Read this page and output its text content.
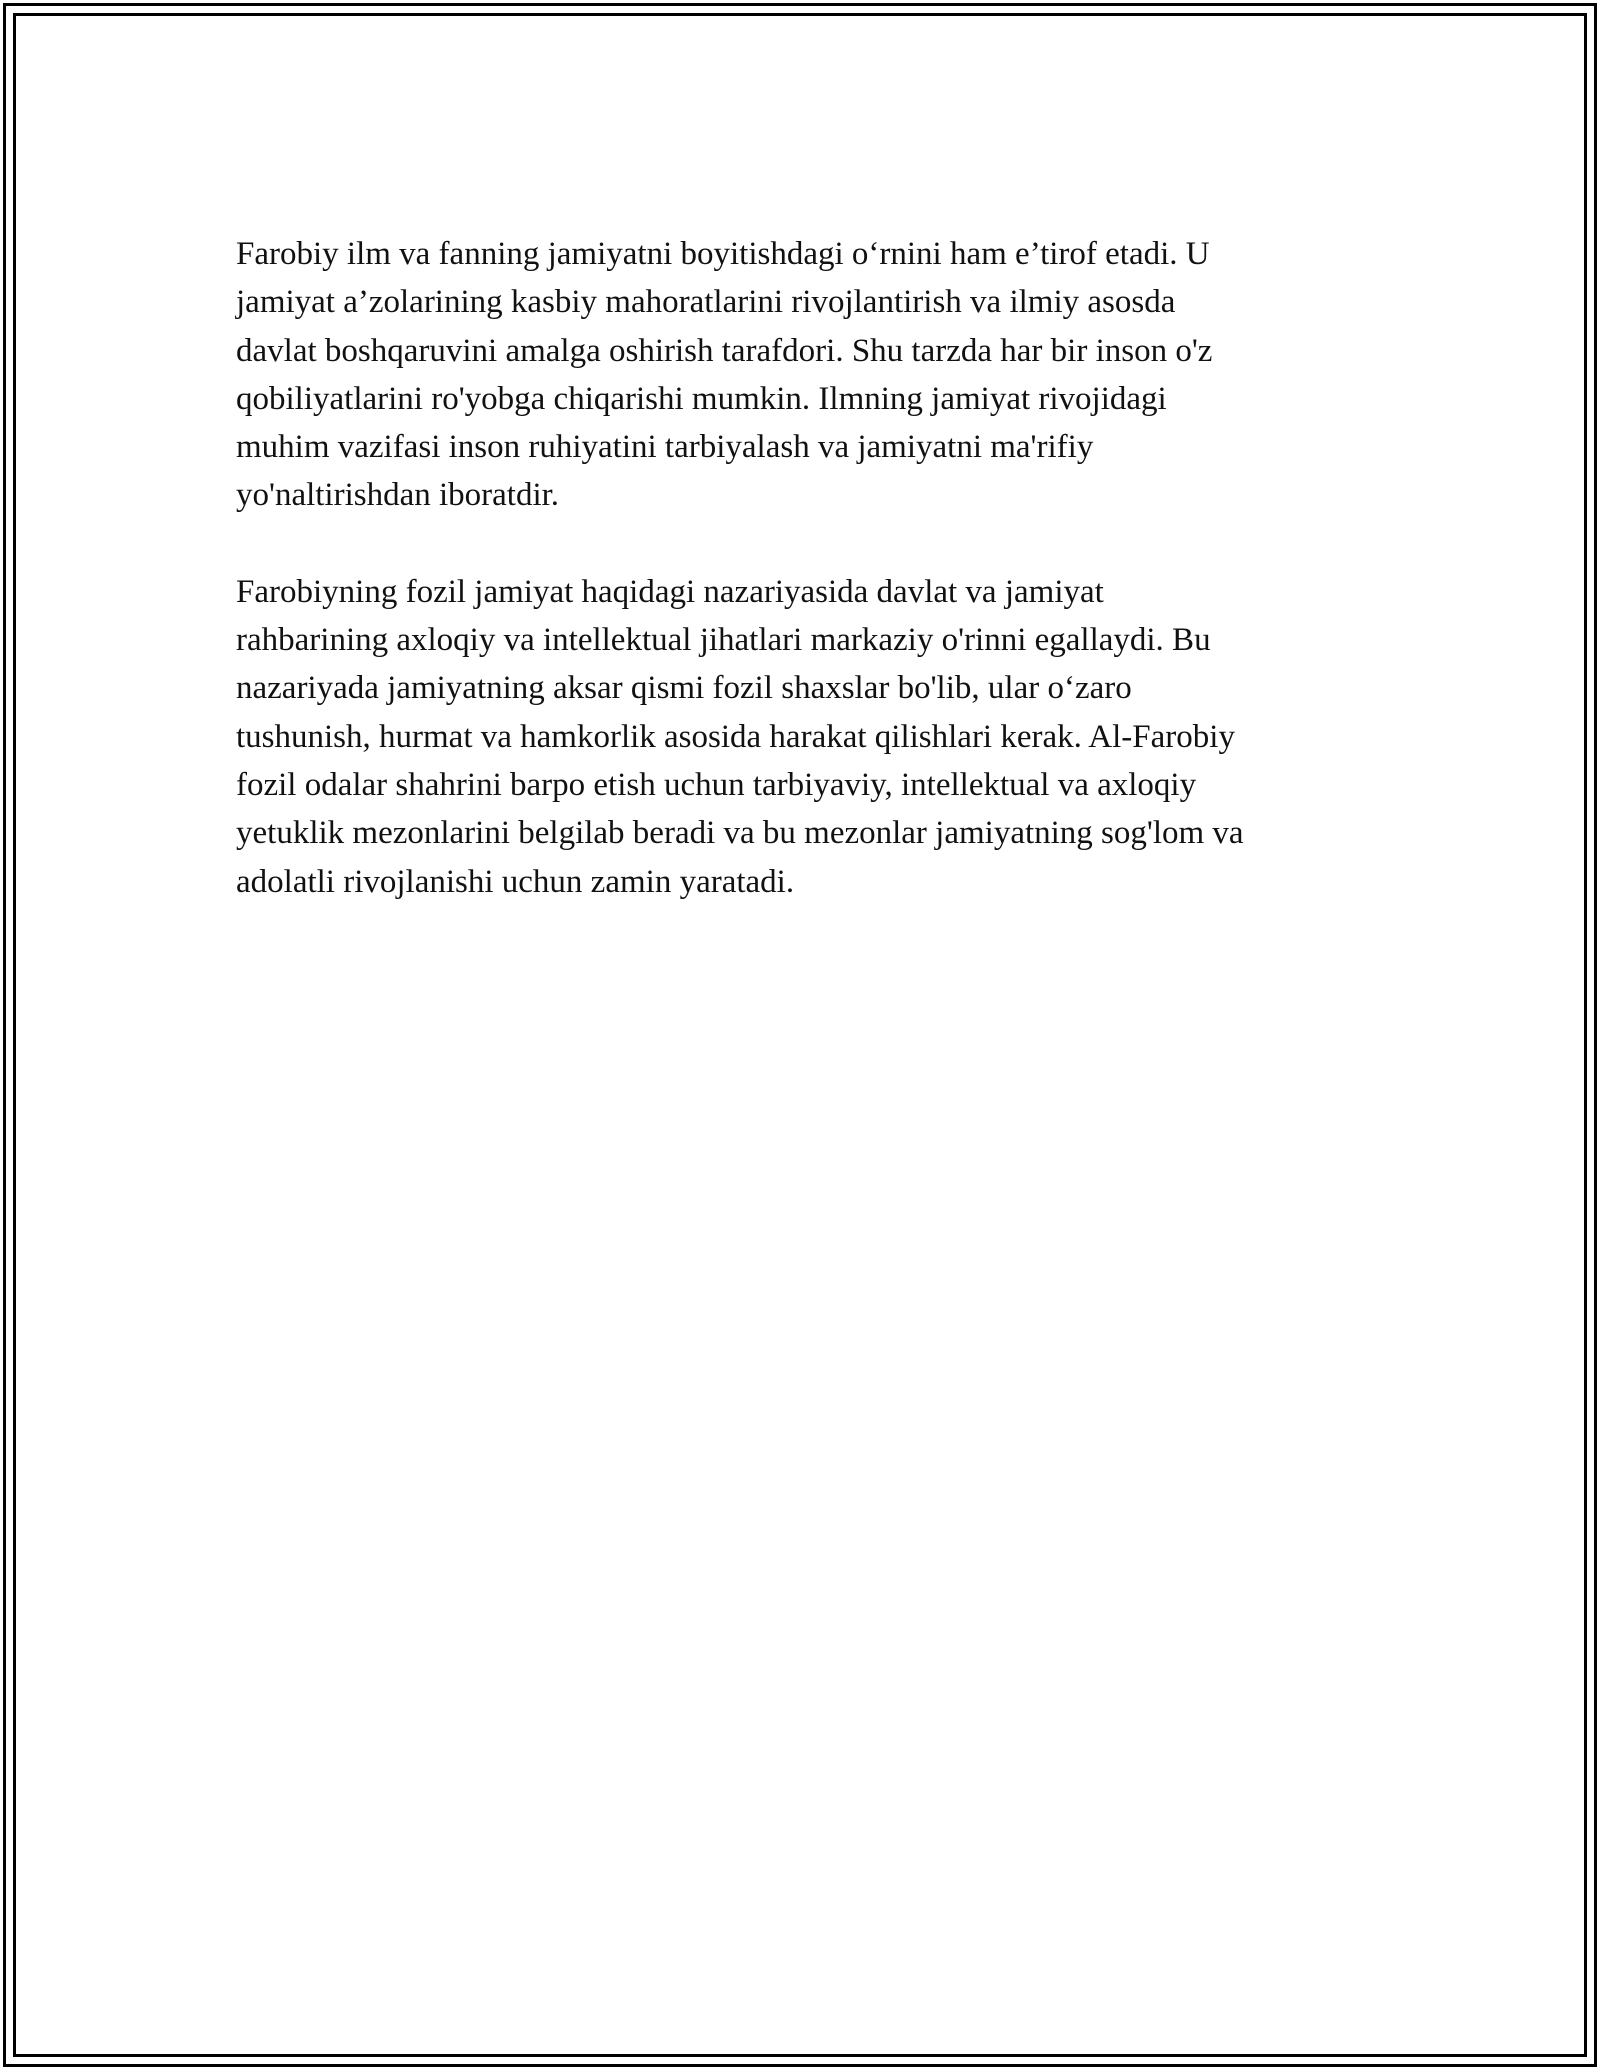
Farobiy ilm va fanning jamiyatni boyitishdagi o‘rnini ham e’tirof etadi. U
jamiyat a’zolarining kasbiy mahoratlarini rivojlantirish va ilmiy asosda
davlat boshqaruvini amalga oshirish tarafdori. Shu tarzda har bir inson o'z
qobiliyatlarini ro'yobga chiqarishi mumkin. Ilmning jamiyat rivojidagi
muhim vazifasi inson ruhiyatini tarbiyalash va jamiyatni ma'rifiy
yo'naltirishdan iboratdir.

Farobiyning fozil jamiyat haqidagi nazariyasida davlat va jamiyat
rahbarining axloqiy va intellektual jihatlari markaziy o'rinni egallaydi. Bu
nazariyada jamiyatning aksar qismi fozil shaxslar bo'lib, ular o‘zaro
tushunish, hurmat va hamkorlik asosida harakat qilishlari kerak. Al-Farobiy
fozil odalar shahrini barpo etish uchun tarbiyaviy, intellektual va axloqiy
yetuklik mezonlarini belgilab beradi va bu mezonlar jamiyatning sog'lom va
adolatli rivojlanishi uchun zamin yaratadi.
